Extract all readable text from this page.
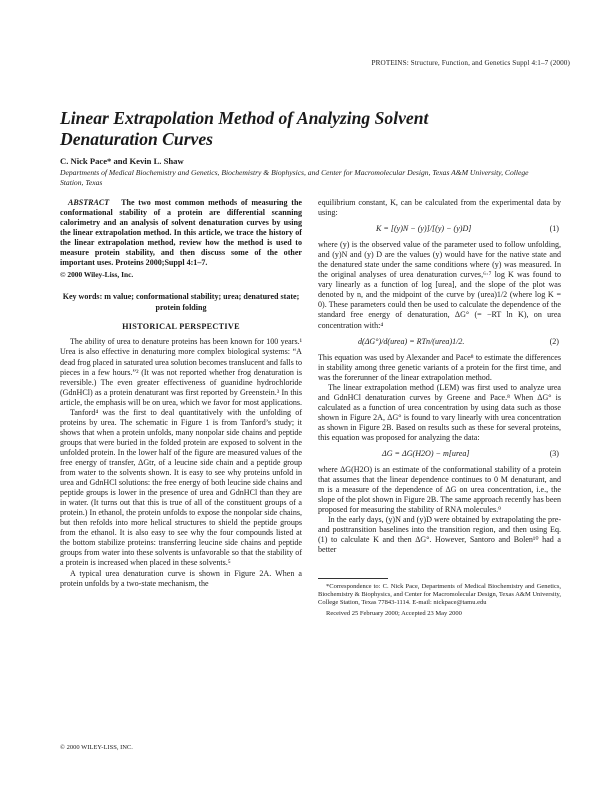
PROTEINS: Structure, Function, and Genetics Suppl 4:1–7 (2000)
Linear Extrapolation Method of Analyzing Solvent Denaturation Curves
C. Nick Pace* and Kevin L. Shaw
Departments of Medical Biochemistry and Genetics, Biochemistry & Biophysics, and Center for Macromolecular Design, Texas A&M University, College Station, Texas

ABSTRACT The two most common methods of measuring the conformational stability of a protein are differential scanning calorimetry and an analysis of solvent denaturation curves by using the linear extrapolation method. In this article, we trace the history of the linear extrapolation method, review how the method is used to measure protein stability, and then discuss some of the other important uses. Proteins 2000;Suppl 4:1–7.

© 2000 Wiley-Liss, Inc.

Key words: m value; conformational stability; urea; denatured state; protein folding

HISTORICAL PERSPECTIVE

The ability of urea to denature proteins has been known for 100 years.¹ Urea is also effective in denaturing more complex biological systems: “A dead frog placed in saturated urea solution becomes translucent and falls to pieces in a few hours.”² (It was not reported whether frog denaturation is reversible.) The even greater effectiveness of guanidine hydrochloride (GdnHCl) as a protein denaturant was first reported by Greenstein.³ In this article, the emphasis will be on urea, which we favor for most applications.

Tanford⁴ was the first to deal quantitatively with the unfolding of proteins by urea. The schematic in Figure 1 is from Tanford’s study; it shows that when a protein unfolds, many nonpolar side chains and peptide groups that were buried in the folded protein are exposed to solvent in the unfolded protein. In the lower half of the figure are measured values of the free energy of transfer, ΔGtr, of a leucine side chain and a peptide group from water to the solvents shown. It is easy to see why proteins unfold in urea and GdnHCl solutions: the free energy of both leucine side chains and peptide groups is lower in the presence of urea and GdnHCl than they are in water. (It turns out that this is true of all of the constituent groups of a protein.) In ethanol, the protein unfolds to expose the nonpolar side chains, but then refolds into more helical structures to shield the peptide groups from the ethanol. It is also easy to see why the four compounds listed at the bottom stabilize proteins: transferring leucine side chains and peptide groups from water into these solvents is unfavorable so that the stability of a protein is increased when placed in these solvents.⁵

A typical urea denaturation curve is shown in Figure 2A. When a protein unfolds by a two-state mechanism, the

equilibrium constant, K, can be calculated from the experimental data by using:

K = [(y)N − (y)]/[(y) − (y)D]	(1)

where (y) is the observed value of the parameter used to follow unfolding, and (y)N and (y) D are the values (y) would have for the native state and the denatured state under the same conditions where (y) was measured. In the original analyses of urea denaturation curves,⁶·⁷ log K was found to vary linearly as a function of log [urea], and the slope of the plot was denoted by n, and the midpoint of the curve by (urea)1/2 (where log K = 0). These parameters could then be used to calculate the dependence of the standard free energy of denaturation, ΔG° (= −RT ln K), on urea concentration with:⁴

d(ΔG°)/d(urea) = RTn/(urea)1/2.	(2)

This equation was used by Alexander and Pace⁸ to estimate the differences in stability among three genetic variants of a protein for the first time, and was the forerunner of the linear extrapolation method.

The linear extrapolation method (LEM) was first used to analyze urea and GdnHCl denaturation curves by Greene and Pace.⁸ When ΔG° is calculated as a function of urea concentration by using data such as those shown in Figure 2A, ΔG° is found to vary linearly with urea concentration as shown in Figure 2B. Based on results such as these for several proteins, this equation was proposed for analyzing the data:

ΔG = ΔG(H2O) − m[urea]	(3)

where ΔG(H2O) is an estimate of the conformational stability of a protein that assumes that the linear dependence continues to 0 M denaturant, and m is a measure of the dependence of ΔG on urea concentration, i.e., the slope of the plot shown in Figure 2B. The same approach recently has been proposed for measuring the stability of RNA molecules.⁹

In the early days, (y)N and (y)D were obtained by extrapolating the pre- and posttransition baselines into the transition region, and then using Eq. (1) to calculate K and then ΔG°. However, Santoro and Bolen¹⁰ had a better

*Correspondence to: C. Nick Pace, Departments of Medical Biochemistry and Genetics, Biochemistry & Biophysics, and Center for Macromolecular Design, Texas A&M University, College Station, Texas 77843-1114. E-mail: nickpace@tamu.edu

Received 25 February 2000; Accepted 23 May 2000

© 2000 WILEY-LISS, INC.
